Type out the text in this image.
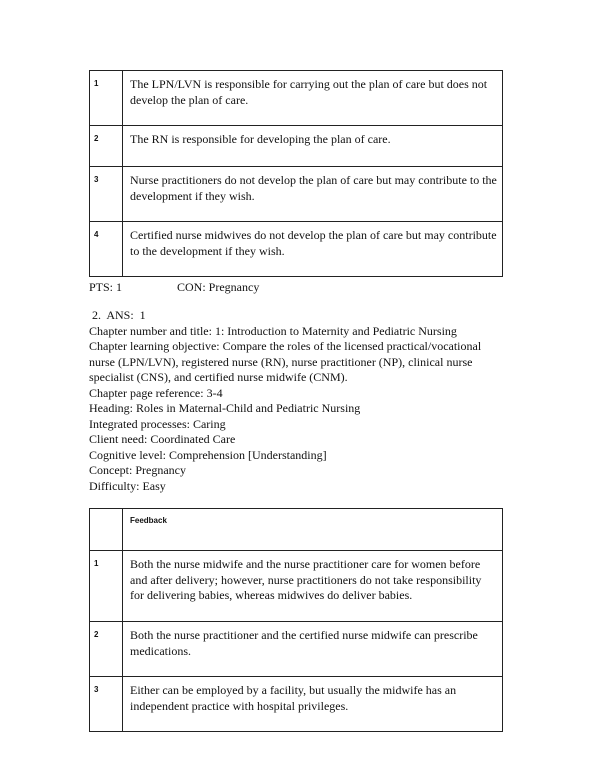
1	The LPN/LVN is responsible for carrying out the plan of care but does not develop the plan of care.
2	The RN is responsible for developing the plan of care.
3	Nurse practitioners do not develop the plan of care but may contribute to the development if they wish.
4	Certified nurse midwives do not develop the plan of care but may contribute to the development if they wish.
PTS: 1	CON: Pregnancy
2.  ANS:  1
Chapter number and title: 1: Introduction to Maternity and Pediatric Nursing
Chapter learning objective: Compare the roles of the licensed practical/vocational nurse (LPN/LVN), registered nurse (RN), nurse practitioner (NP), clinical nurse specialist (CNS), and certified nurse midwife (CNM).
Chapter page reference: 3-4
Heading: Roles in Maternal-Child and Pediatric Nursing
Integrated processes: Caring
Client need: Coordinated Care
Cognitive level: Comprehension [Understanding]
Concept: Pregnancy
Difficulty: Easy
	Feedback
1	Both the nurse midwife and the nurse practitioner care for women before and after delivery; however, nurse practitioners do not take responsibility for delivering babies, whereas midwives do deliver babies.
2	Both the nurse practitioner and the certified nurse midwife can prescribe medications.
3	Either can be employed by a facility, but usually the midwife has an independent practice with hospital privileges.
